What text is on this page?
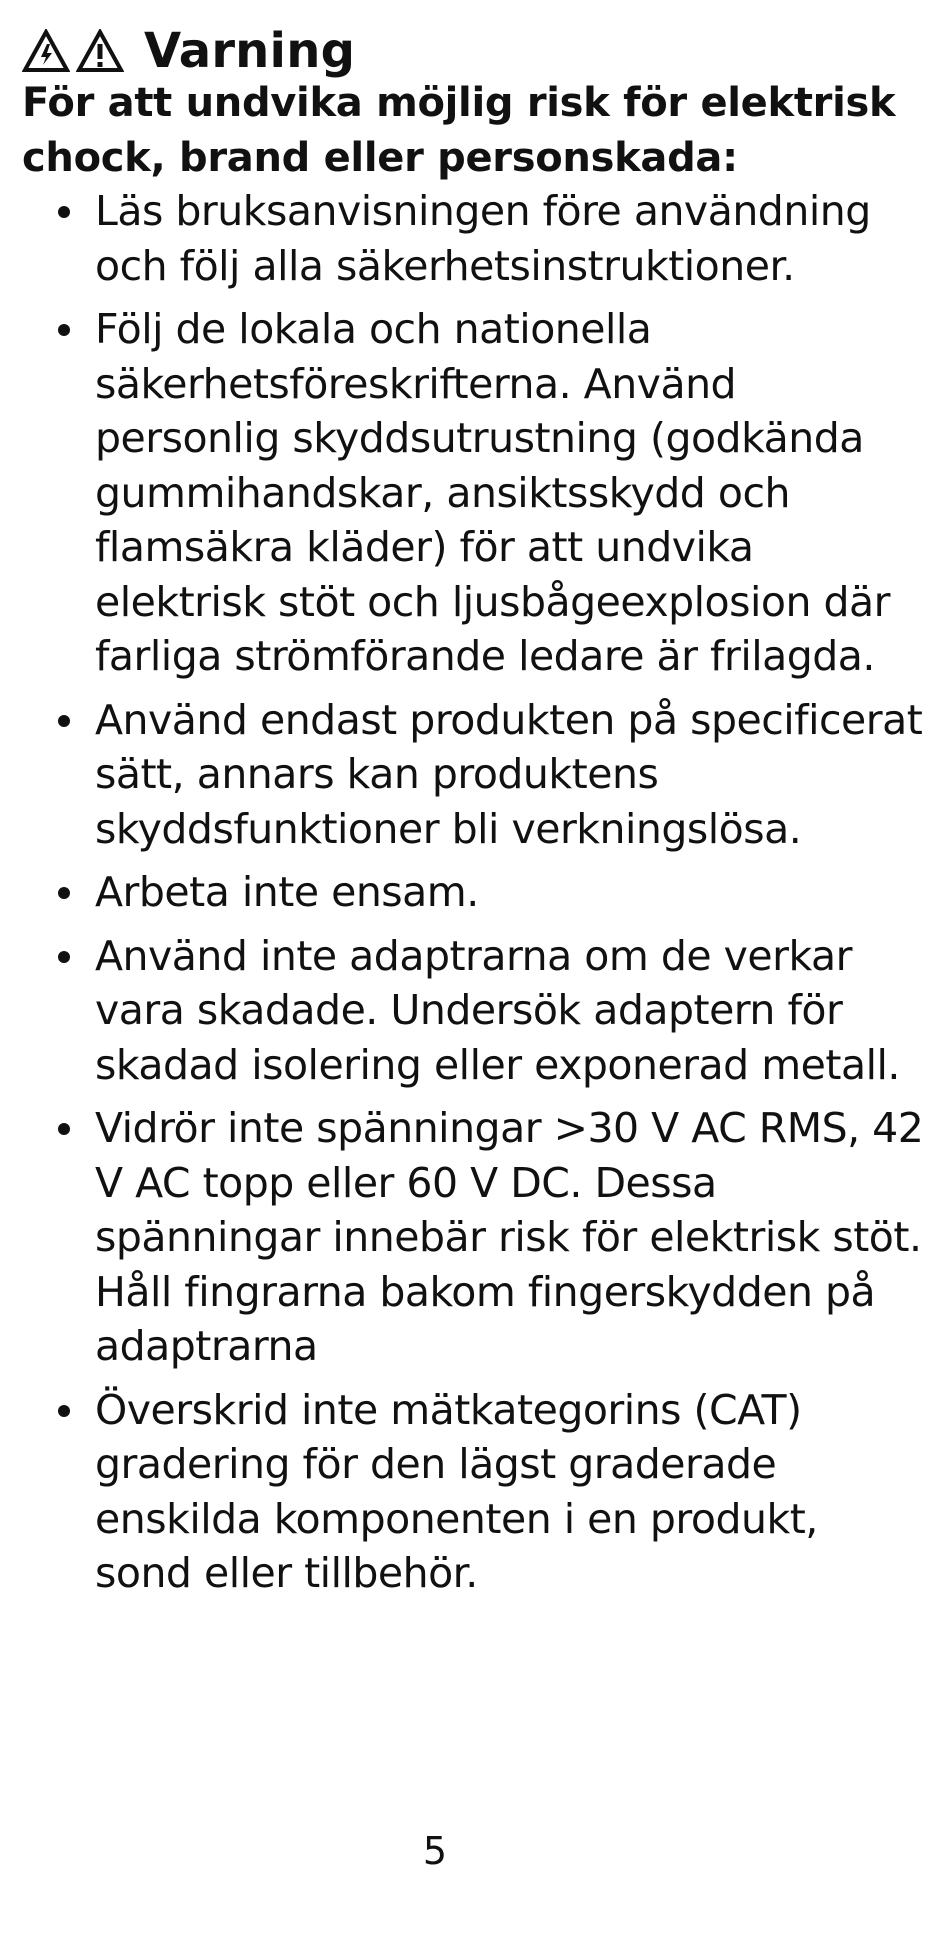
Varning
För att undvika möjlig risk för elektrisk chock, brand eller personskada:
Läs bruksanvisningen före användning och följ alla säkerhetsinstruktioner.
Följ de lokala och nationella säkerhetsföreskrifterna. Använd personlig skyddsutrustning (godkända gummihandskar, ansiktsskydd och flamsäkra kläder) för att undvika elektrisk stöt och ljusbågeexplosion där farliga strömförande ledare är frilagda.
Använd endast produkten på specificerat sätt, annars kan produktens skyddsfunktioner bli verkningslösa.
Arbeta inte ensam.
Använd inte adaptrarna om de verkar vara skadade. Undersök adaptern för skadad isolering eller exponerad metall.
Vidrör inte spänningar >30 V AC RMS, 42 V AC topp eller 60 V DC. Dessa spänningar innebär risk för elektrisk stöt. Håll fingrarna bakom fingerskydden på adaptrarna
Överskrid inte mätkategorins (CAT) gradering för den lägst graderade enskilda komponenten i en produkt, sond eller tillbehör.
5
